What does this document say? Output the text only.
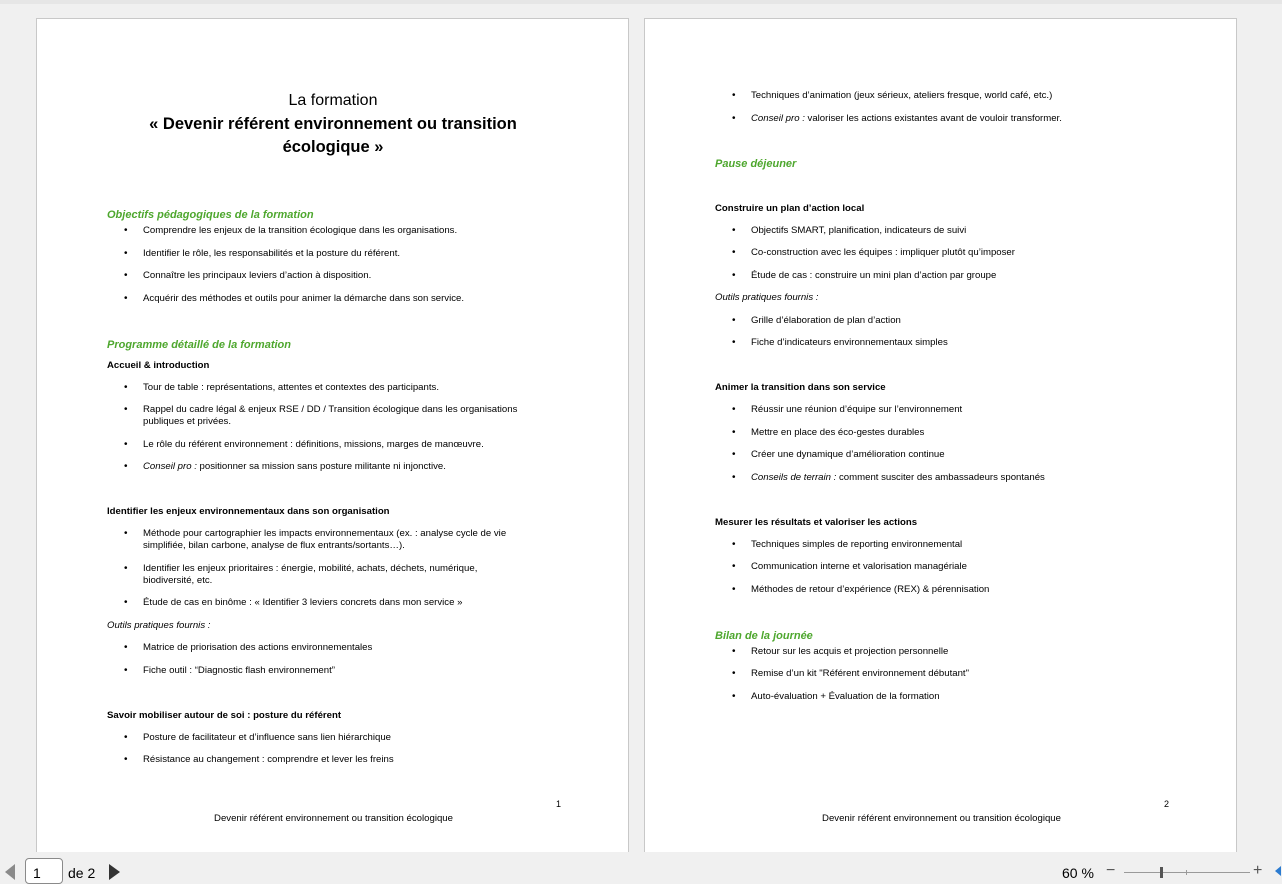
La formation

« Devenir référent environnement ou transition écologique »

Objectifs pédagogiques de la formation

• Comprendre les enjeux de la transition écologique dans les organisations.
• Identifier le rôle, les responsabilités et la posture du référent.
• Connaître les principaux leviers d’action à disposition.
• Acquérir des méthodes et outils pour animer la démarche dans son service.

Programme détaillé de la formation

Accueil & introduction

• Tour de table : représentations, attentes et contextes des participants.
• Rappel du cadre légal & enjeux RSE / DD / Transition écologique dans les organisations publiques et privées.
• Le rôle du référent environnement : définitions, missions, marges de manœuvre.
• Conseil pro : positionner sa mission sans posture militante ni injonctive.

Identifier les enjeux environnementaux dans son organisation

• Méthode pour cartographier les impacts environnementaux (ex. : analyse cycle de vie simplifiée, bilan carbone, analyse de flux entrants/sortants…).
• Identifier les enjeux prioritaires : énergie, mobilité, achats, déchets, numérique, biodiversité, etc.
• Étude de cas en binôme : « Identifier 3 leviers concrets dans mon service »

Outils pratiques fournis :

• Matrice de priorisation des actions environnementales
• Fiche outil : “Diagnostic flash environnement”

Savoir mobiliser autour de soi : posture du référent

• Posture de facilitateur et d’influence sans lien hiérarchique
• Résistance au changement : comprendre et lever les freins
1
Devenir référent environnement ou transition écologique
• Techniques d’animation (jeux sérieux, ateliers fresque, world café, etc.)
• Conseil pro : valoriser les actions existantes avant de vouloir transformer.

Pause déjeuner

Construire un plan d’action local

• Objectifs SMART, planification, indicateurs de suivi
• Co-construction avec les équipes : impliquer plutôt qu’imposer
• Étude de cas : construire un mini plan d’action par groupe

Outils pratiques fournis :

• Grille d’élaboration de plan d’action
• Fiche d’indicateurs environnementaux simples

Animer la transition dans son service

• Réussir une réunion d’équipe sur l’environnement
• Mettre en place des éco-gestes durables
• Créer une dynamique d’amélioration continue
• Conseils de terrain : comment susciter des ambassadeurs spontanés

Mesurer les résultats et valoriser les actions

• Techniques simples de reporting environnemental
• Communication interne et valorisation managériale
• Méthodes de retour d’expérience (REX) & pérennisation

Bilan de la journée

• Retour sur les acquis et projection personnelle
• Remise d’un kit "Référent environnement débutant"
• Auto-évaluation + Évaluation de la formation
2
Devenir référent environnement ou transition écologique
1	de 2	60 % −	+
